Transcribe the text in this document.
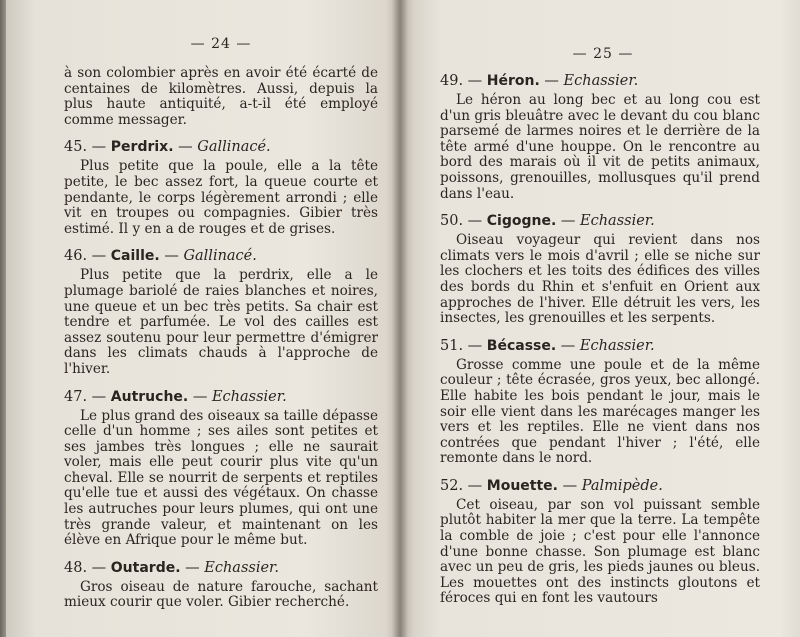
— 24 —

à son colombier après en avoir été écarté de centaines de kilomètres. Aussi, depuis la plus haute antiquité, a-t-il été employé comme messager.

45. — Perdrix. — Gallinacé.

Plus petite que la poule, elle a la tête petite, le bec assez fort, la queue courte et pendante, le corps légèrement arrondi ; elle vit en troupes ou compagnies. Gibier très estimé. Il y en a de rouges et de grises.

46. — Caille. — Gallinacé.

Plus petite que la perdrix, elle a le plumage bariolé de raies blanches et noires, une queue et un bec très petits. Sa chair est tendre et parfumée. Le vol des cailles est assez soutenu pour leur permettre d'émigrer dans les climats chauds à l'approche de l'hiver.

47. — Autruche. — Echassier.

Le plus grand des oiseaux sa taille dépasse celle d'un homme ; ses ailes sont petites et ses jambes très longues ; elle ne saurait voler, mais elle peut courir plus vite qu'un cheval. Elle se nourrit de serpents et reptiles qu'elle tue et aussi des végétaux. On chasse les autruches pour leurs plumes, qui ont une très grande valeur, et maintenant on les élève en Afrique pour le même but.

48. — Outarde. — Echassier.

Gros oiseau de nature farouche, sachant mieux courir que voler. Gibier recherché.

— 25 —
49. — Héron. — Echassier.

Le héron au long bec et au long cou est d'un gris bleuâtre avec le devant du cou blanc parsemé de larmes noires et le derrière de la tête armé d'une houppe. On le rencontre au bord des marais où il vit de petits animaux, poissons, grenouilles, mollusques qu'il prend dans l'eau.

50. — Cigogne. — Echassier.

Oiseau voyageur qui revient dans nos climats vers le mois d'avril ; elle se niche sur les clochers et les toits des édifices des villes des bords du Rhin et s'enfuit en Orient aux approches de l'hiver. Elle détruit les vers, les insectes, les grenouilles et les serpents.

51. — Bécasse. — Echassier.

Grosse comme une poule et de la même couleur ; tête écrasée, gros yeux, bec allongé. Elle habite les bois pendant le jour, mais le soir elle vient dans les marécages manger les vers et les reptiles. Elle ne vient dans nos contrées que pendant l'hiver ; l'été, elle remonte dans le nord.

52. — Mouette. — Palmipède.

Cet oiseau, par son vol puissant semble plutôt habiter la mer que la terre. La tempête la comble de joie ; c'est pour elle l'annonce d'une bonne chasse. Son plumage est blanc avec un peu de gris, les pieds jaunes ou bleus. Les mouettes ont des instincts gloutons et féroces qui en font les vautours
